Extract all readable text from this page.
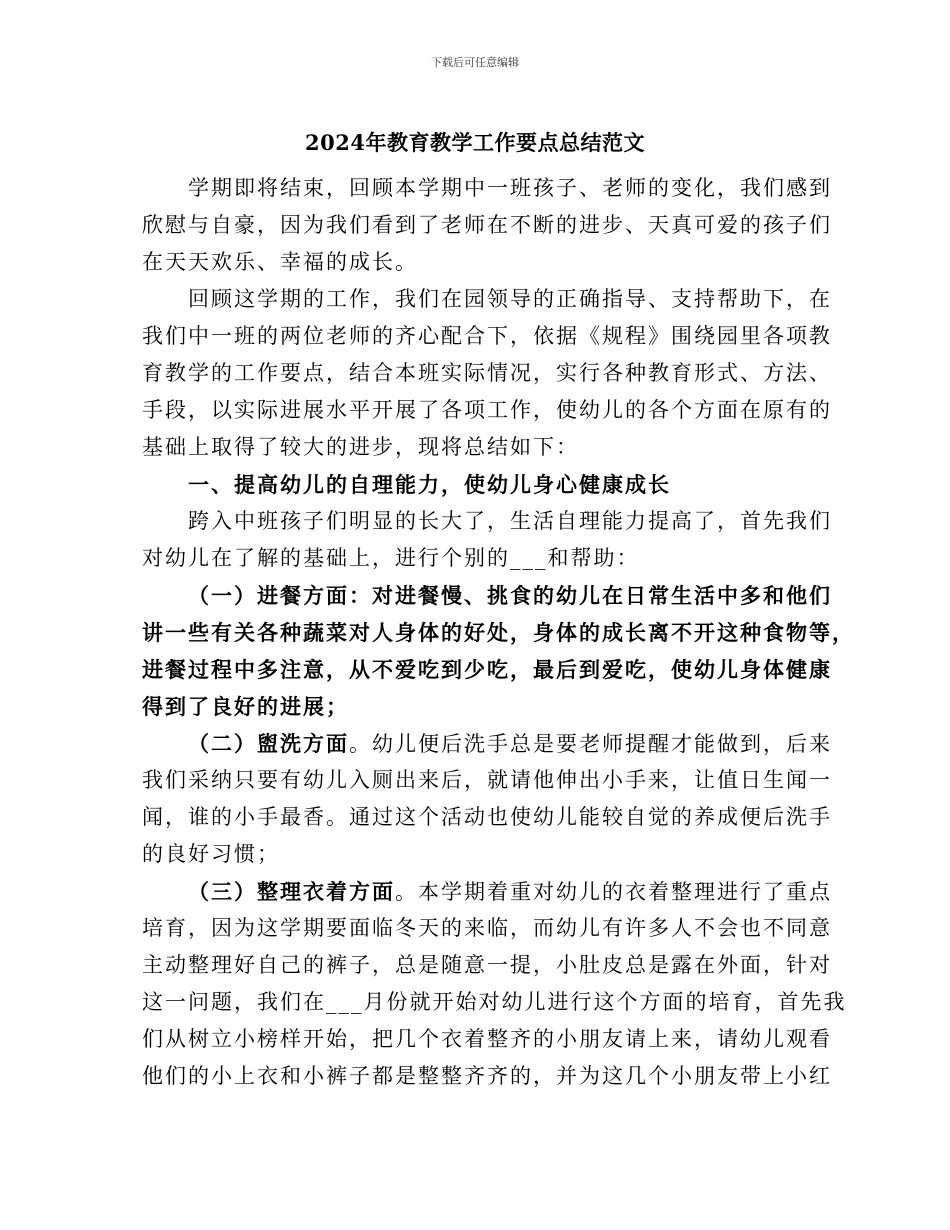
下载后可任意编辑
2024年教育教学工作要点总结范文
学期即将结束，回顾本学期中一班孩子、老师的变化，我们感到
欣慰与自豪，因为我们看到了老师在不断的进步、天真可爱的孩子们
在天天欢乐、幸福的成长。
回顾这学期的工作，我们在园领导的正确指导、支持帮助下，在
我们中一班的两位老师的齐心配合下，依据《规程》围绕园里各项教
育教学的工作要点，结合本班实际情况，实行各种教育形式、方法、
手段，以实际进展水平开展了各项工作，使幼儿的各个方面在原有的
基础上取得了较大的进步，现将总结如下：
一、提高幼儿的自理能力，使幼儿身心健康成长
跨入中班孩子们明显的长大了，生活自理能力提高了，首先我们
对幼儿在了解的基础上，进行个别的___和帮助：
（一）进餐方面：对进餐慢、挑食的幼儿在日常生活中多和他们
讲一些有关各种蔬菜对人身体的好处，身体的成长离不开这种食物等，
进餐过程中多注意，从不爱吃到少吃，最后到爱吃，使幼儿身体健康
得到了良好的进展；
（二）盥洗方面。幼儿便后洗手总是要老师提醒才能做到，后来
我们采纳只要有幼儿入厕出来后，就请他伸出小手来，让值日生闻一
闻，谁的小手最香。通过这个活动也使幼儿能较自觉的养成便后洗手
的良好习惯；
（三）整理衣着方面。本学期着重对幼儿的衣着整理进行了重点
培育，因为这学期要面临冬天的来临，而幼儿有许多人不会也不同意
主动整理好自己的裤子，总是随意一提，小肚皮总是露在外面，针对
这一问题，我们在___月份就开始对幼儿进行这个方面的培育，首先我
们从树立小榜样开始，把几个衣着整齐的小朋友请上来，请幼儿观看
他们的小上衣和小裤子都是整整齐齐的，并为这几个小朋友带上小红
